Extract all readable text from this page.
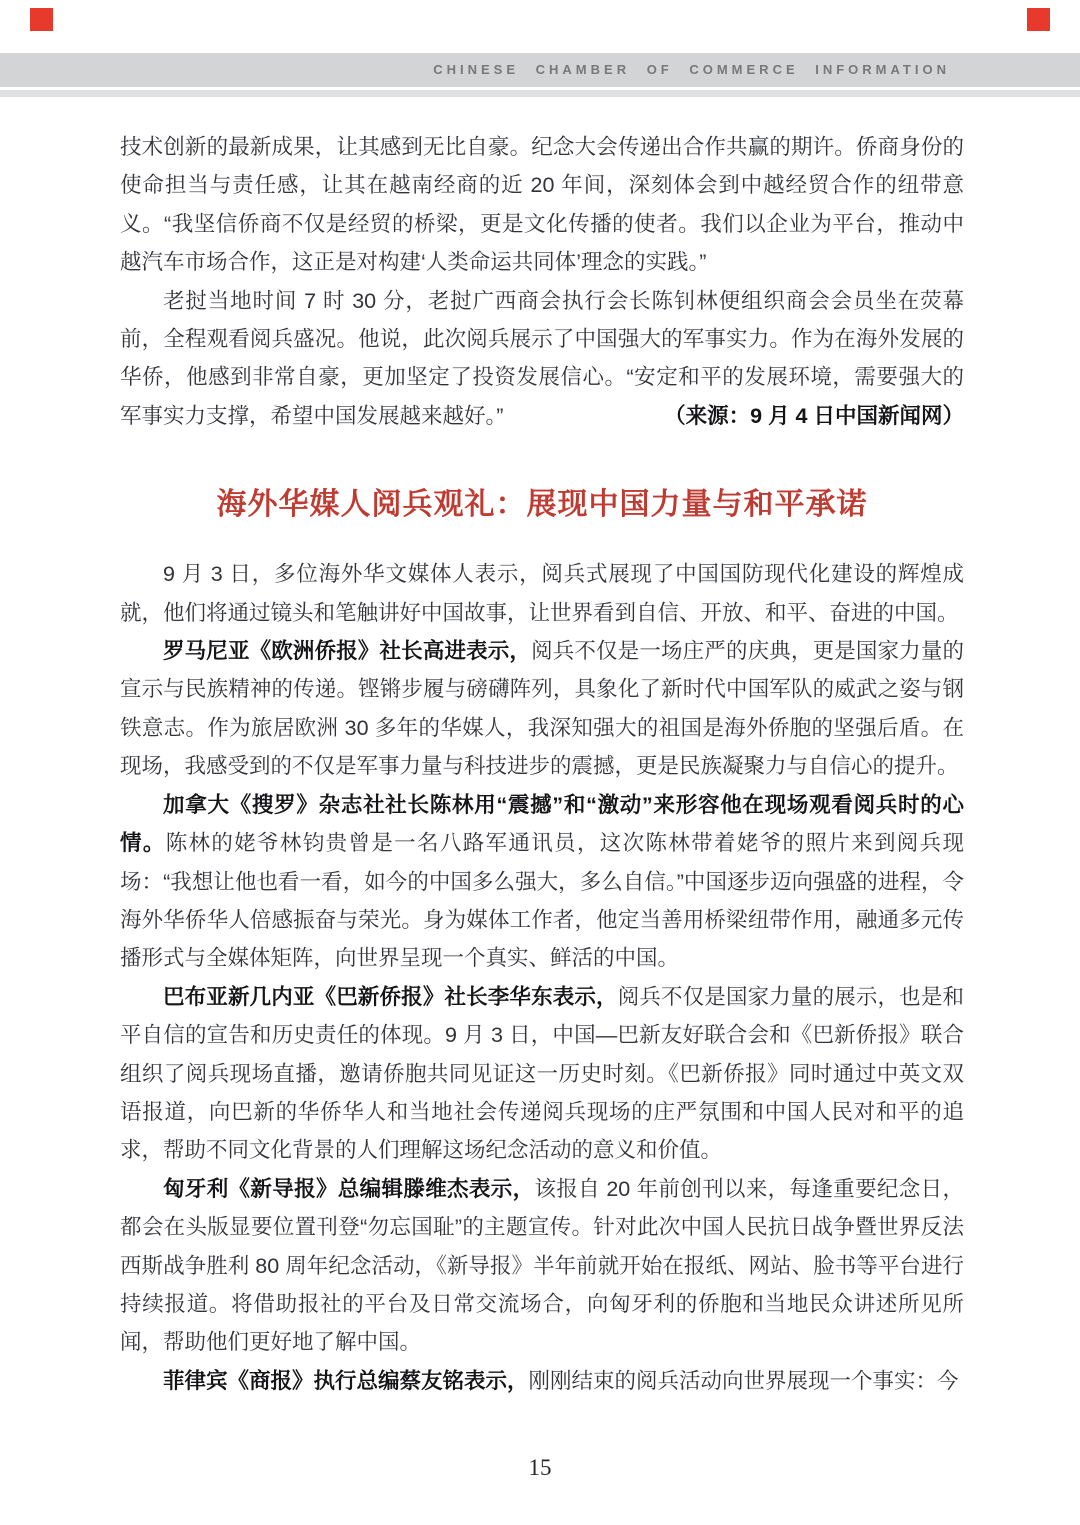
CHINESE CHAMBER OF COMMERCE INFORMATION

技术创新的最新成果，让其感到无比自豪。纪念大会传递出合作共赢的期许。侨商身份的使命担当与责任感，让其在越南经商的近 20 年间，深刻体会到中越经贸合作的纽带意义。“我坚信侨商不仅是经贸的桥梁，更是文化传播的使者。我们以企业为平台，推动中越汽车市场合作，这正是对构建‘人类命运共同体’理念的实践。”

老挝当地时间 7 时 30 分，老挝广西商会执行会长陈钊林便组织商会会员坐在荧幕前，全程观看阅兵盛况。他说，此次阅兵展示了中国强大的军事实力。作为在海外发展的华侨，他感到非常自豪，更加坚定了投资发展信心。“安定和平的发展环境，需要强大的军事实力支撑，希望中国发展越来越好。”	（来源：9 月 4 日中国新闻网）

海外华媒人阅兵观礼：展现中国力量与和平承诺

9 月 3 日，多位海外华文媒体人表示，阅兵式展现了中国国防现代化建设的辉煌成就，他们将通过镜头和笔触讲好中国故事，让世界看到自信、开放、和平、奋进的中国。

罗马尼亚《欧洲侨报》社长高进表示，阅兵不仅是一场庄严的庆典，更是国家力量的宣示与民族精神的传递。铿锵步履与磅礴阵列，具象化了新时代中国军队的威武之姿与钢铁意志。作为旅居欧洲 30 多年的华媒人，我深知强大的祖国是海外侨胞的坚强后盾。在现场，我感受到的不仅是军事力量与科技进步的震撼，更是民族凝聚力与自信心的提升。

加拿大《搜罗》杂志社社长陈林用“震撼”和“激动”来形容他在现场观看阅兵时的心情。陈林的姥爷林钧贵曾是一名八路军通讯员，这次陈林带着姥爷的照片来到阅兵现场：“我想让他也看一看，如今的中国多么强大，多么自信。”中国逐步迈向强盛的进程，令海外华侨华人倍感振奋与荣光。身为媒体工作者，他定当善用桥梁纽带作用，融通多元传播形式与全媒体矩阵，向世界呈现一个真实、鲜活的中国。

巴布亚新几内亚《巴新侨报》社长李华东表示，阅兵不仅是国家力量的展示，也是和平自信的宣告和历史责任的体现。9 月 3 日，中国—巴新友好联合会和《巴新侨报》联合组织了阅兵现场直播，邀请侨胞共同见证这一历史时刻。《巴新侨报》同时通过中英文双语报道，向巴新的华侨华人和当地社会传递阅兵现场的庄严氛围和中国人民对和平的追求，帮助不同文化背景的人们理解这场纪念活动的意义和价值。

匈牙利《新导报》总编辑滕维杰表示，该报自 20 年前创刊以来，每逢重要纪念日，都会在头版显要位置刊登“勿忘国耻”的主题宣传。针对此次中国人民抗日战争暨世界反法西斯战争胜利 80 周年纪念活动，《新导报》半年前就开始在报纸、网站、脸书等平台进行持续报道。将借助报社的平台及日常交流场合，向匈牙利的侨胞和当地民众讲述所见所闻，帮助他们更好地了解中国。

菲律宾《商报》执行总编蔡友铭表示，刚刚结束的阅兵活动向世界展现一个事实：今

15
